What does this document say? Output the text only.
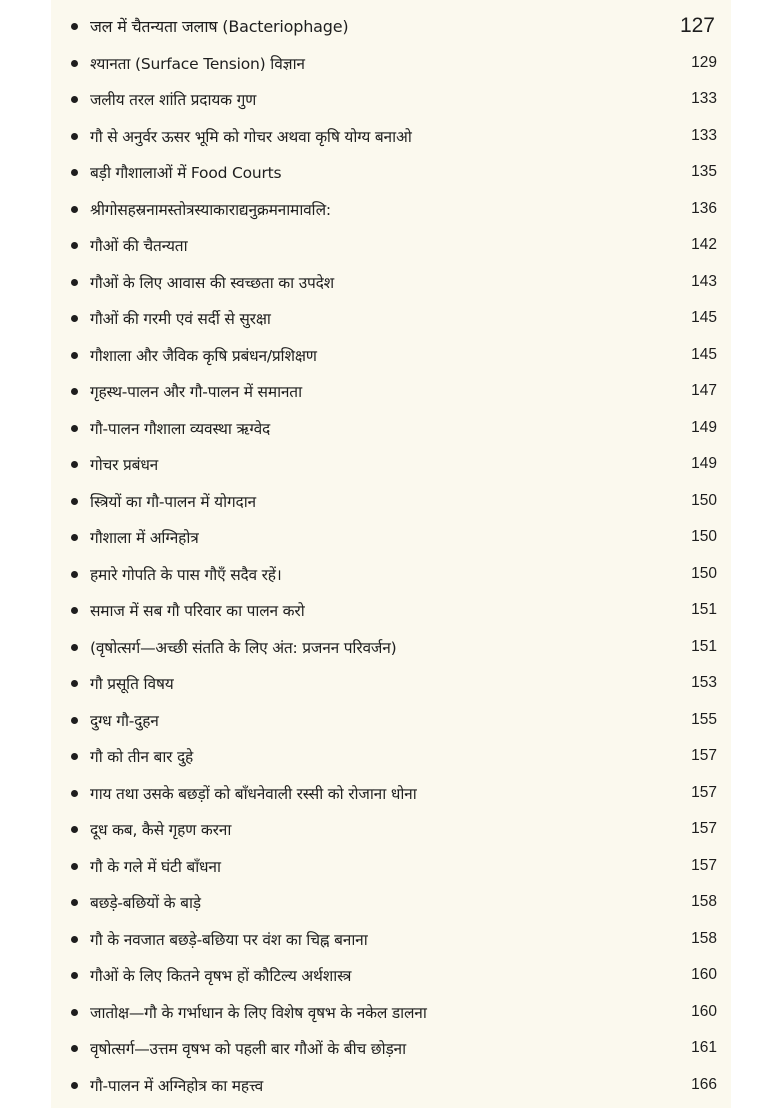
जल में चैतन्यता जलाष (Bacteriophage)	127
श्यानता (Surface Tension) विज्ञान	129
जलीय तरल शांति प्रदायक गुण	133
गौ से अनुर्वर ऊसर भूमि को गोचर अथवा कृषि योग्य बनाओ	133
बड़ी गौशालाओं में Food Courts	135
श्रीगोसहस्रनामस्तोत्रस्याकाराद्यनुक्रमनामावलि:	136
गौओं की चैतन्यता	142
गौओं के लिए आवास की स्वच्छता का उपदेश	143
गौओं की गरमी एवं सर्दी से सुरक्षा	145
गौशाला और जैविक कृषि प्रबंधन/प्रशिक्षण	145
गृहस्थ-पालन और गौ-पालन में समानता	147
गौ-पालन गौशाला व्यवस्था ऋग्वेद	149
गोचर प्रबंधन	149
स्त्रियों का गौ-पालन में योगदान	150
गौशाला में अग्निहोत्र	150
हमारे गोपति के पास गौएँ सदैव रहें।	150
समाज में सब गौ परिवार का पालन करो	151
(वृषोत्सर्ग—अच्छी संतति के लिए अंत: प्रजनन परिवर्जन)	151
गौ प्रसूति विषय	153
दुग्ध गौ-दुहन	155
गौ को तीन बार दुहे	157
गाय तथा उसके बछड़ों को बाँधनेवाली रस्सी को रोजाना धोना	157
दूध कब, कैसे गृहण करना	157
गौ के गले में घंटी बाँधना	157
बछड़े-बछियों के बाड़े	158
गौ के नवजात बछड़े-बछिया पर वंश का चिह्न बनाना	158
गौओं के लिए कितने वृषभ हों कौटिल्य अर्थशास्त्र	160
जातोक्ष—गौ के गर्भाधान के लिए विशेष वृषभ के नकेल डालना	160
वृषोत्सर्ग—उत्तम वृषभ को पहली बार गौओं के बीच छोड़ना	161
गौ-पालन में अग्निहोत्र का महत्त्व	166
